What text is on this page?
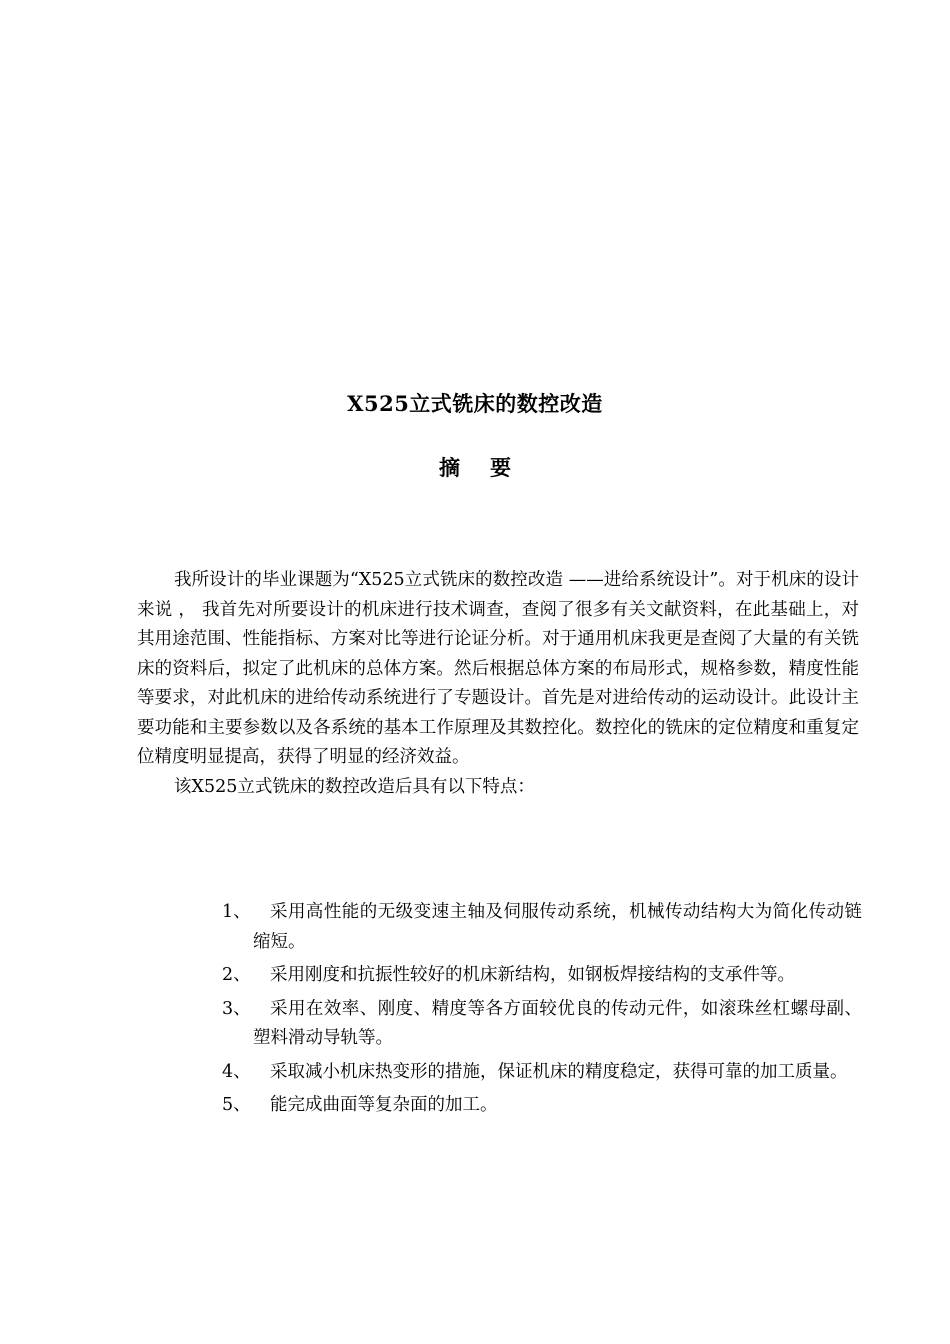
X525立式铣床的数控改造
摘要

我所设计的毕业课题为“X525立式铣床的数控改造 ——进给系统设计”。对于机床的设计来说 ， 我首先对所要设计的机床进行技术调查，查阅了很多有关文献资料，在此基础上，对其用途范围、性能指标、方案对比等进行论证分析。对于通用机床我更是查阅了大量的有关铣床的资料后，拟定了此机床的总体方案。然后根据总体方案的布局形式，规格参数，精度性能等要求，对此机床的进给传动系统进行了专题设计。首先是对进给传动的运动设计。此设计主要功能和主要参数以及各系统的基本工作原理及其数控化。数控化的铣床的定位精度和重复定位精度明显提高，获得了明显的经济效益。

该X525立式铣床的数控改造后具有以下特点：

1、	采用高性能的无级变速主轴及伺服传动系统，机械传动结构大为简化传动链缩短。
2、	采用刚度和抗振性较好的机床新结构，如钢板焊接结构的支承件等。
3、	采用在效率、刚度、精度等各方面较优良的传动元件，如滚珠丝杠螺母副、塑料滑动导轨等。
4、	采取减小机床热变形的措施，保证机床的精度稳定，获得可靠的加工质量。
5、	能完成曲面等复杂面的加工。
